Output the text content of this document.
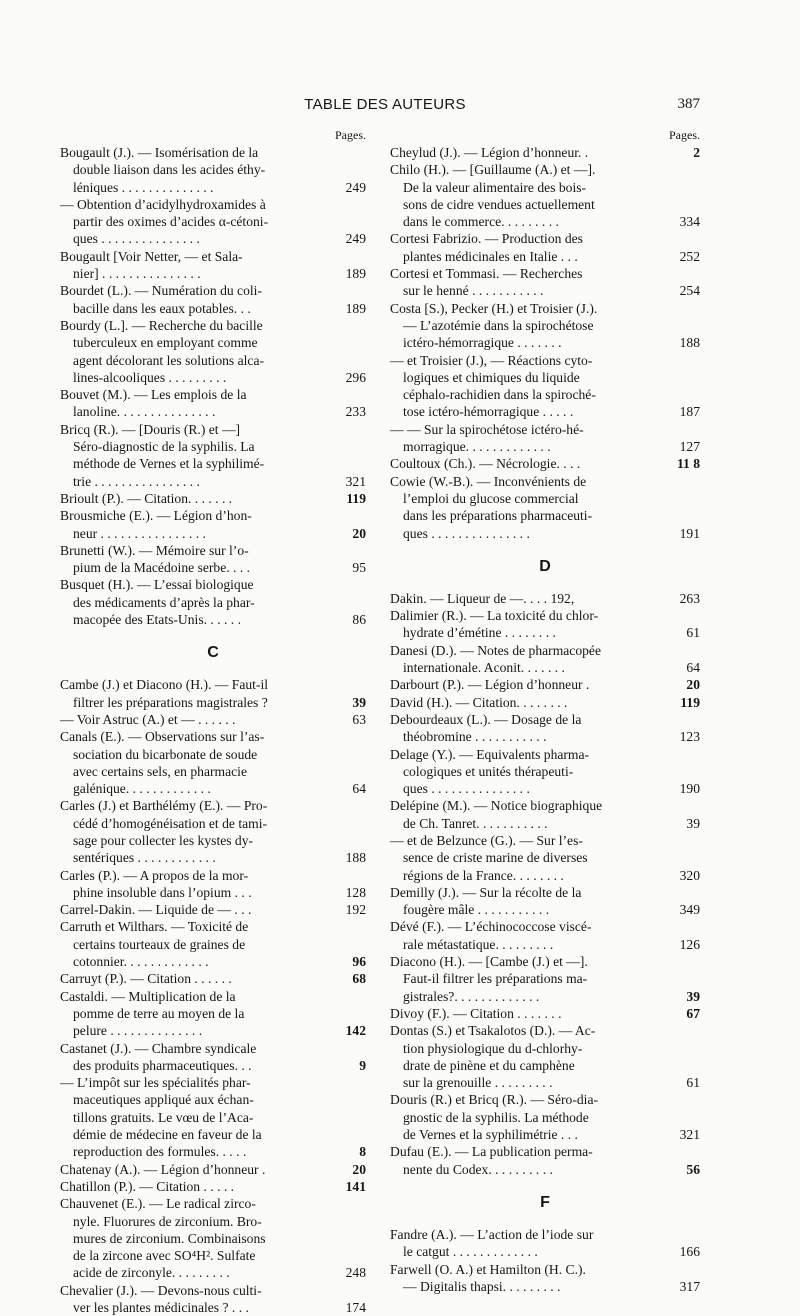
TABLE DES AUTEURS	387
Pages.
Bougault (J.). — Isomérisation de la
double liaison dans les acides éthy-
léniques . . . . . . . . . . . . . .	249
— Obtention d’acidylhydroxamides à
partir des oximes d’acides α-cétoni-
ques . . . . . . . . . . . . . . .	249
Bougault [Voir Netter, — et Sala-
nier] . . . . . . . . . . . . . . .	189
Bourdet (L.). — Numération du coli-
bacille dans les eaux potables. . .	189
Bourdy (L.]. — Recherche du bacille
tuberculeux en employant comme
agent décolorant les solutions alca-
lines-alcooliques . . . . . . . . .	296
Bouvet (M.). — Les emplois de la
lanoline. . . . . . . . . . . . . . .	233
Bricq (R.). — [Douris (R.) et —]
Séro-diagnostic de la syphilis. La
méthode de Vernes et la syphilimé-
trie . . . . . . . . . . . . . . . .	321
Brioult (P.). — Citation. . . . . . .	119
Brousmiche (E.). — Légion d’hon-
neur . . . . . . . . . . . . . . . .	20
Brunetti (W.). — Mémoire sur l’o-
pium de la Macédoine serbe. . . .	95
Busquet (H.). — L’essai biologique
des médicaments d’après la phar-
macopée des Etats-Unis. . . . . .	86
C
Cambe (J.) et Diacono (H.). — Faut-il
filtrer les préparations magistrales ?	39
— Voir Astruc (A.) et — . . . . . .	63
Canals (E.). — Observations sur l’as-
sociation du bicarbonate de soude
avec certains sels, en pharmacie
galénique. . . . . . . . . . . . .	64
Carles (J.) et Barthélémy (E.). — Pro-
cédé d’homogénéisation et de tami-
sage pour collecter les kystes dy-
sentériques . . . . . . . . . . . .	188
Carles (P.). — A propos de la mor-
phine insoluble dans l’opium . . .	128
Carrel-Dakin. — Liquide de — . . .	192
Carruth et Wilthars. — Toxicité de
certains tourteaux de graines de
cotonnier. . . . . . . . . . . . .	96
Carruyt (P.). — Citation . . . . . .	68
Castaldi. — Multiplication de la
pomme de terre au moyen de la
pelure . . . . . . . . . . . . . .	142
Castanet (J.). — Chambre syndicale
des produits pharmaceutiques. . .	9
— L’impôt sur les spécialités phar-
maceutiques appliqué aux échan-
tillons gratuits. Le vœu de l’Aca-
démie de médecine en faveur de la
reproduction des formules. . . . .	8
Chatenay (A.). — Légion d’honneur .	20
Chatillon (P.). — Citation . . . . .	141
Chauvenet (E.). — Le radical zirco-
nyle. Fluorures de zirconium. Bro-
mures de zirconium. Combinaisons
de la zircone avec SO⁴H². Sulfate
acide de zirconyle. . . . . . . . .	248
Chevalier (J.). — Devons-nous culti-
ver les plantes médicinales ? . . .	174
Pages.
Cheylud (J.). — Légion d’honneur. .	2
Chilo (H.). — [Guillaume (A.) et —].
De la valeur alimentaire des bois-
sons de cidre vendues actuellement
dans le commerce. . . . . . . . .	334
Cortesi Fabrizio. — Production des
plantes médicinales en Italie . . .	252
Cortesi et Tommasi. — Recherches
sur le henné . . . . . . . . . . .	254
Costa [S.), Pecker (H.) et Troisier (J.).
— L’azotémie dans la spirochétose
ictéro-hémorragique . . . . . . .	188
— et Troisier (J.), — Réactions cyto-
logiques et chimiques du liquide
céphalo-rachidien dans la spiroché-
tose ictéro-hémorragique . . . . .	187
— — Sur la spirochétose ictéro-hé-
morragique. . . . . . . . . . . . .	127
Coultoux (Ch.). — Nécrologie. . . .	11 8
Cowie (W.-B.). — Inconvénients de
l’emploi du glucose commercial
dans les préparations pharmaceuti-
ques . . . . . . . . . . . . . . .	191
D
Dakin. — Liqueur de —. . . . 192,	263
Dalimier (R.). — La toxicité du chlor-
hydrate d’émétine . . . . . . . .	61
Danesi (D.). — Notes de pharmacopée
internationale. Aconit. . . . . . .	64
Darbourt (P.). — Légion d’honneur .	20
David (H.). — Citation. . . . . . . .	119
Debourdeaux (L.). — Dosage de la
théobromine . . . . . . . . . . .	123
Delage (Y.). — Equivalents pharma-
cologiques et unités thérapeuti-
ques . . . . . . . . . . . . . . .	190
Delépine (M.). — Notice biographique
de Ch. Tanret. . . . . . . . . . .	39
— et de Belzunce (G.). — Sur l’es-
sence de criste marine de diverses
régions de la France. . . . . . . .	320
Demilly (J.). — Sur la récolte de la
fougère mâle . . . . . . . . . . .	349
Dévé (F.). — L’échinococcose viscé-
rale métastatique. . . . . . . . .	126
Diacono (H.). — [Cambe (J.) et —].
Faut-il filtrer les préparations ma-
gistrales?. . . . . . . . . . . . .	39
Divoy (F.). — Citation . . . . . . .	67
Dontas (S.) et Tsakalotos (D.). — Ac-
tion physiologique du d-chlorhy-
drate de pinène et du camphène
sur la grenouille . . . . . . . . .	61
Douris (R.) et Bricq (R.). — Séro-dia-
gnostic de la syphilis. La méthode
de Vernes et la syphilimétrie . . .	321
Dufau (E.). — La publication perma-
nente du Codex. . . . . . . . . .	56
F
Fandre (A.). — L’action de l’iode sur
le catgut . . . . . . . . . . . . .	166
Farwell (O. A.) et Hamilton (H. C.).
— Digitalis thapsi. . . . . . . . .	317
